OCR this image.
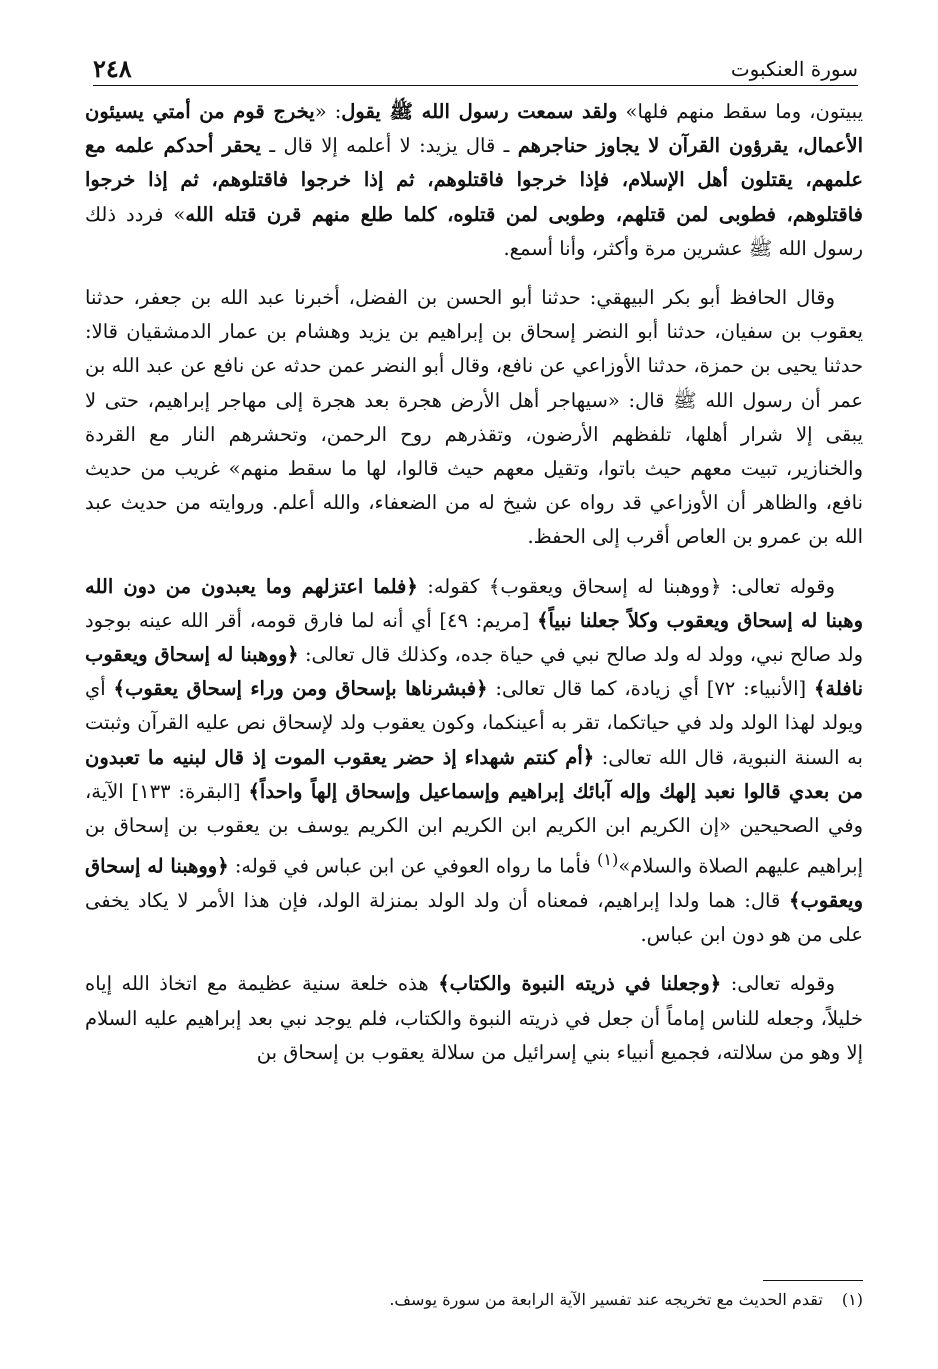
٢٤٨	سورة العنكبوت

يبيتون، وما سقط منهم فلها» ولقد سمعت رسول الله ﷺ يقول: «يخرج قوم من أمتي يسيئون الأعمال، يقرؤون القرآن لا يجاوز حناجرهم ـ قال يزيد: لا أعلمه إلا قال ـ يحقر أحدكم علمه مع علمهم، يقتلون أهل الإسلام، فإذا خرجوا فاقتلوهم، ثم إذا خرجوا فاقتلوهم، ثم إذا خرجوا فاقتلوهم، فطوبى لمن قتلهم، وطوبى لمن قتلوه، كلما طلع منهم قرن قتله الله» فردد ذلك رسول الله ﷺ عشرين مرة وأكثر، وأنا أسمع.

وقال الحافظ أبو بكر البيهقي: حدثنا أبو الحسن بن الفضل، أخبرنا عبد الله بن جعفر، حدثنا يعقوب بن سفيان، حدثنا أبو النضر إسحاق بن إبراهيم بن يزيد وهشام بن عمار الدمشقيان قالا: حدثنا يحيى بن حمزة، حدثنا الأوزاعي عن نافع، وقال أبو النضر عمن حدثه عن نافع عن عبد الله بن عمر أن رسول الله ﷺ قال: «سيهاجر أهل الأرض هجرة بعد هجرة إلى مهاجر إبراهيم، حتى لا يبقى إلا شرار أهلها، تلفظهم الأرضون، وتقذرهم روح الرحمن، وتحشرهم النار مع القردة والخنازير، تبيت معهم حيث باتوا، وتقيل معهم حيث قالوا، لها ما سقط منهم» غريب من حديث نافع، والظاهر أن الأوزاعي قد رواه عن شيخ له من الضعفاء، والله أعلم. وروايته من حديث عبد الله بن عمرو بن العاص أقرب إلى الحفظ.

وقوله تعالى: ﴿ووهبنا له إسحاق ويعقوب﴾ كقوله: ﴿فلما اعتزلهم وما يعبدون من دون الله وهبنا له إسحاق ويعقوب وكلاً جعلنا نبياً﴾ [مريم: ٤٩] أي أنه لما فارق قومه، أقر الله عينه بوجود ولد صالح نبي، وولد له ولد صالح نبي في حياة جده، وكذلك قال تعالى: ﴿ووهبنا له إسحاق ويعقوب نافلة﴾ [الأنبياء: ٧٢] أي زيادة، كما قال تعالى: ﴿فبشرناها بإسحاق ومن وراء إسحاق يعقوب﴾ أي ويولد لهذا الولد ولد في حياتكما، تقر به أعينكما، وكون يعقوب ولد لإسحاق نص عليه القرآن وثبتت به السنة النبوية، قال الله تعالى: ﴿أم كنتم شهداء إذ حضر يعقوب الموت إذ قال لبنيه ما تعبدون من بعدي قالوا نعبد إلهك وإله آبائك إبراهيم وإسماعيل وإسحاق إلهاً واحداً﴾ [البقرة: ١٣٣] الآية، وفي الصحيحين «إن الكريم ابن الكريم ابن الكريم ابن الكريم يوسف بن يعقوب بن إسحاق بن إبراهيم عليهم الصلاة والسلام»$^{(١)}$ فأما ما رواه العوفي عن ابن عباس في قوله: ﴿ووهبنا له إسحاق ويعقوب﴾ قال: هما ولدا إبراهيم، فمعناه أن ولد الولد بمنزلة الولد، فإن هذا الأمر لا يكاد يخفى على من هو دون ابن عباس.

وقوله تعالى: ﴿وجعلنا في ذريته النبوة والكتاب﴾ هذه خلعة سنية عظيمة مع اتخاذ الله إياه خليلاً، وجعله للناس إماماً أن جعل في ذريته النبوة والكتاب، فلم يوجد نبي بعد إبراهيم عليه السلام إلا وهو من سلالته، فجميع أنبياء بني إسرائيل من سلالة يعقوب بن إسحاق بن

(١) تقدم الحديث مع تخريجه عند تفسير الآية الرابعة من سورة يوسف.
